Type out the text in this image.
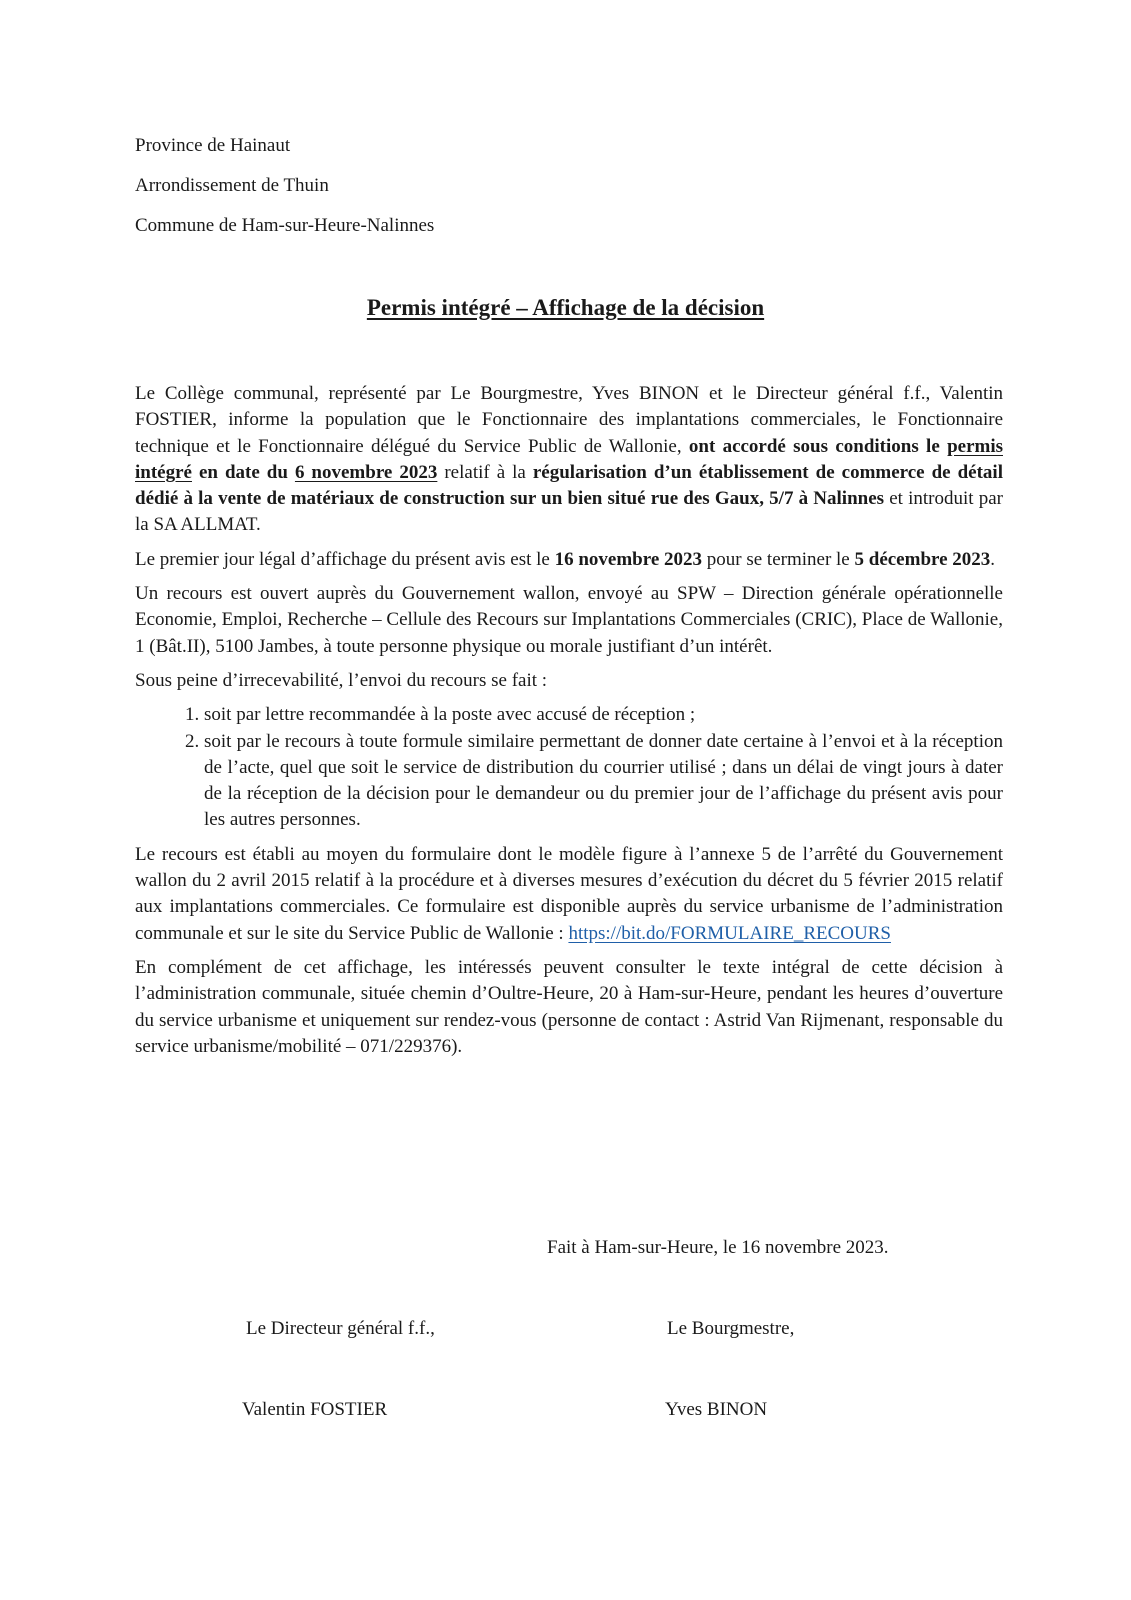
Province de Hainaut
Arrondissement de Thuin
Commune de Ham-sur-Heure-Nalinnes
Permis intégré – Affichage de la décision

Le Collège communal, représenté par Le Bourgmestre, Yves BINON et le Directeur général f.f., Valentin FOSTIER, informe la population que le Fonctionnaire des implantations commerciales, le Fonctionnaire technique et le Fonctionnaire délégué du Service Public de Wallonie, ont accordé sous conditions le permis intégré en date du 6 novembre 2023 relatif à la régularisation d’un établissement de commerce de détail dédié à la vente de matériaux de construction sur un bien situé rue des Gaux, 5/7 à Nalinnes et introduit par la SA ALLMAT.

Le premier jour légal d’affichage du présent avis est le 16 novembre 2023 pour se terminer le 5 décembre 2023.

Un recours est ouvert auprès du Gouvernement wallon, envoyé au SPW – Direction générale opérationnelle Economie, Emploi, Recherche – Cellule des Recours sur Implantations Commerciales (CRIC), Place de Wallonie, 1 (Bât.II), 5100 Jambes, à toute personne physique ou morale justifiant d’un intérêt.

Sous peine d’irrecevabilité, l’envoi du recours se fait :

1. soit par lettre recommandée à la poste avec accusé de réception ;
2. soit par le recours à toute formule similaire permettant de donner date certaine à l’envoi et à la réception de l’acte, quel que soit le service de distribution du courrier utilisé ; dans un délai de vingt jours à dater de la réception de la décision pour le demandeur ou du premier jour de l’affichage du présent avis pour les autres personnes.

Le recours est établi au moyen du formulaire dont le modèle figure à l’annexe 5 de l’arrêté du Gouvernement wallon du 2 avril 2015 relatif à la procédure et à diverses mesures d’exécution du décret du 5 février 2015 relatif aux implantations commerciales. Ce formulaire est disponible auprès du service urbanisme de l’administration communale et sur le site du Service Public de Wallonie : https://bit.do/FORMULAIRE_RECOURS

En complément de cet affichage, les intéressés peuvent consulter le texte intégral de cette décision à l’administration communale, située chemin d’Oultre-Heure, 20 à Ham-sur-Heure, pendant les heures d’ouverture du service urbanisme et uniquement sur rendez-vous (personne de contact : Astrid Van Rijmenant, responsable du service urbanisme/mobilité – 071/229376).

Fait à Ham-sur-Heure, le 16 novembre 2023.
Le Directeur général f.f.,	Le Bourgmestre,
Valentin FOSTIER	Yves BINON
